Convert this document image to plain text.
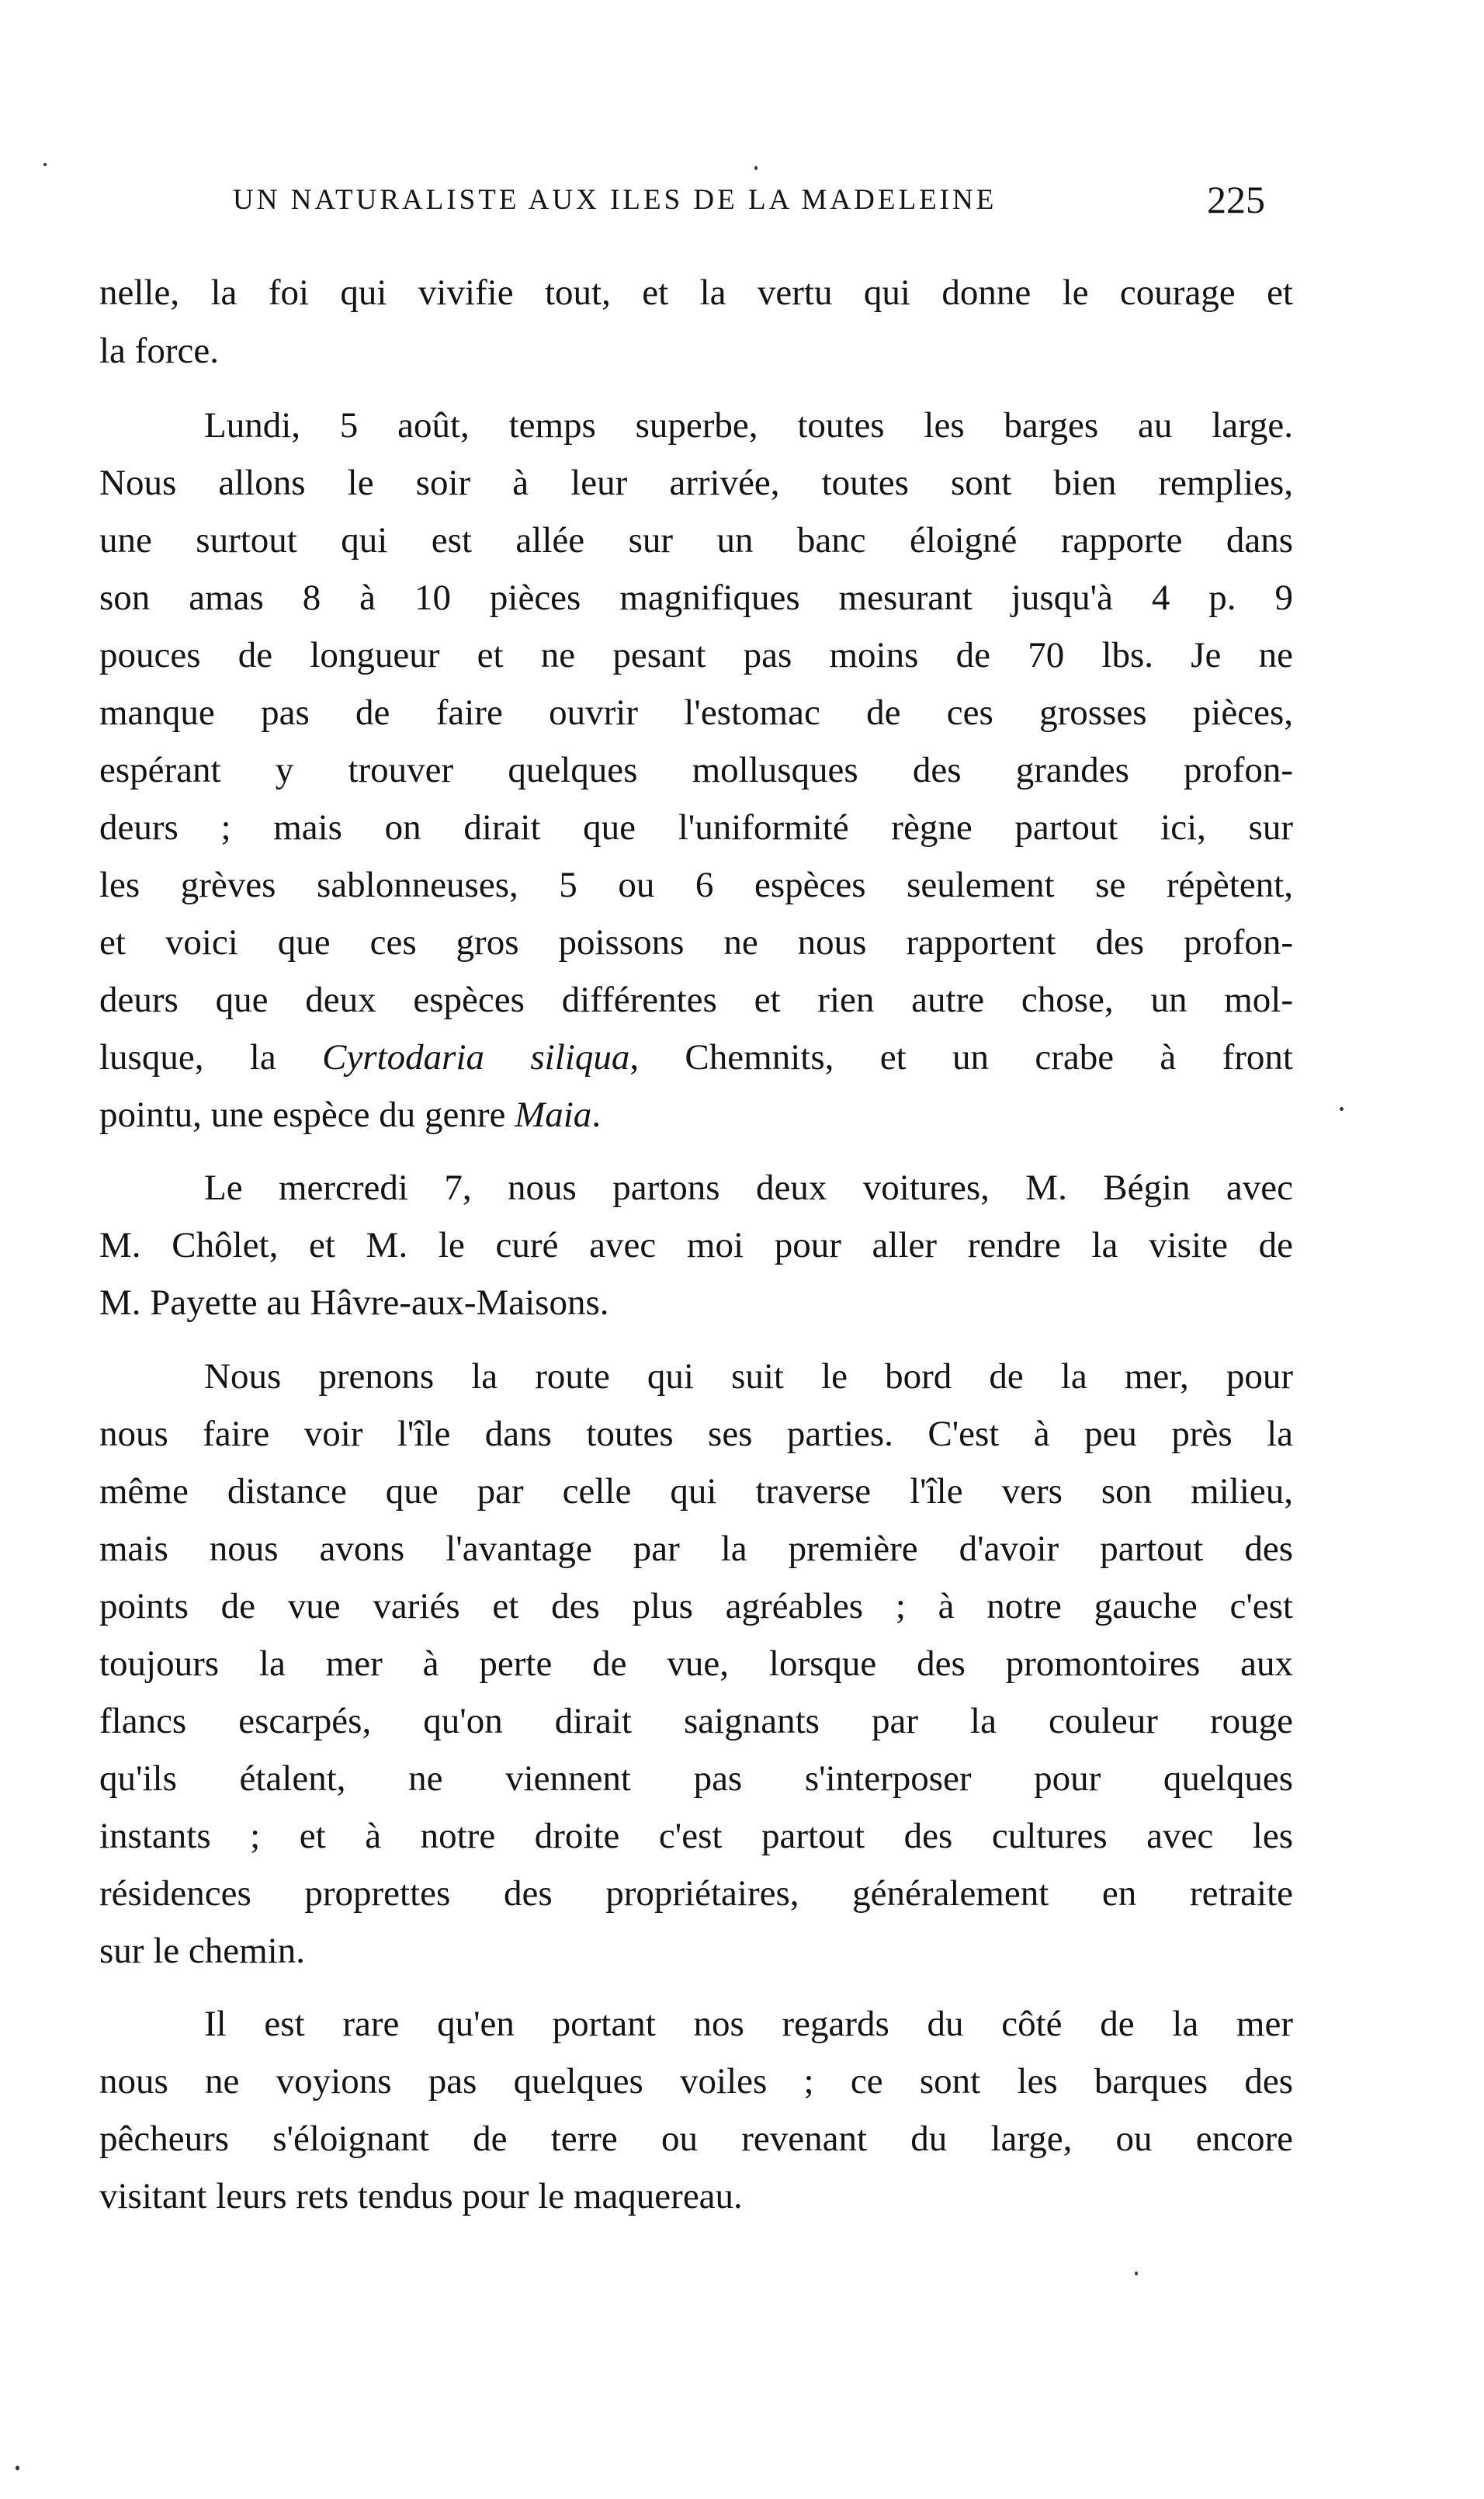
UN NATURALISTE AUX ILES DE LA MADELEINE	225
nelle, la foi qui vivifie tout, et la vertu qui donne le courage et
la force.
Lundi, 5 août, temps superbe, toutes les barges au large.
Nous allons le soir à leur arrivée, toutes sont bien remplies,
une surtout qui est allée sur un banc éloigné rapporte dans
son amas 8 à 10 pièces magnifiques mesurant jusqu'à 4 p. 9
pouces de longueur et ne pesant pas moins de 70 lbs. Je ne
manque pas de faire ouvrir l'estomac de ces grosses pièces,
espérant y trouver quelques mollusques des grandes profon-
deurs ; mais on dirait que l'uniformité règne partout ici, sur
les grèves sablonneuses, 5 ou 6 espèces seulement se répètent,
et voici que ces gros poissons ne nous rapportent des profon-
deurs que deux espèces différentes et rien autre chose, un mol-
lusque, la Cyrtodaria siliqua, Chemnits, et un crabe à front
pointu, une espèce du genre Maia.
Le mercredi 7, nous partons deux voitures, M. Bégin avec
M. Chôlet, et M. le curé avec moi pour aller rendre la visite de
M. Payette au Hâvre-aux-Maisons.
Nous prenons la route qui suit le bord de la mer, pour
nous faire voir l'île dans toutes ses parties. C'est à peu près la
même distance que par celle qui traverse l'île vers son milieu,
mais nous avons l'avantage par la première d'avoir partout des
points de vue variés et des plus agréables ; à notre gauche c'est
toujours la mer à perte de vue, lorsque des promontoires aux
flancs escarpés, qu'on dirait saignants par la couleur rouge
qu'ils étalent, ne viennent pas s'interposer pour quelques
instants ; et à notre droite c'est partout des cultures avec les
résidences proprettes des propriétaires, généralement en retraite
sur le chemin.
Il est rare qu'en portant nos regards du côté de la mer
nous ne voyions pas quelques voiles ; ce sont les barques des
pêcheurs s'éloignant de terre ou revenant du large, ou encore
visitant leurs rets tendus pour le maquereau.
